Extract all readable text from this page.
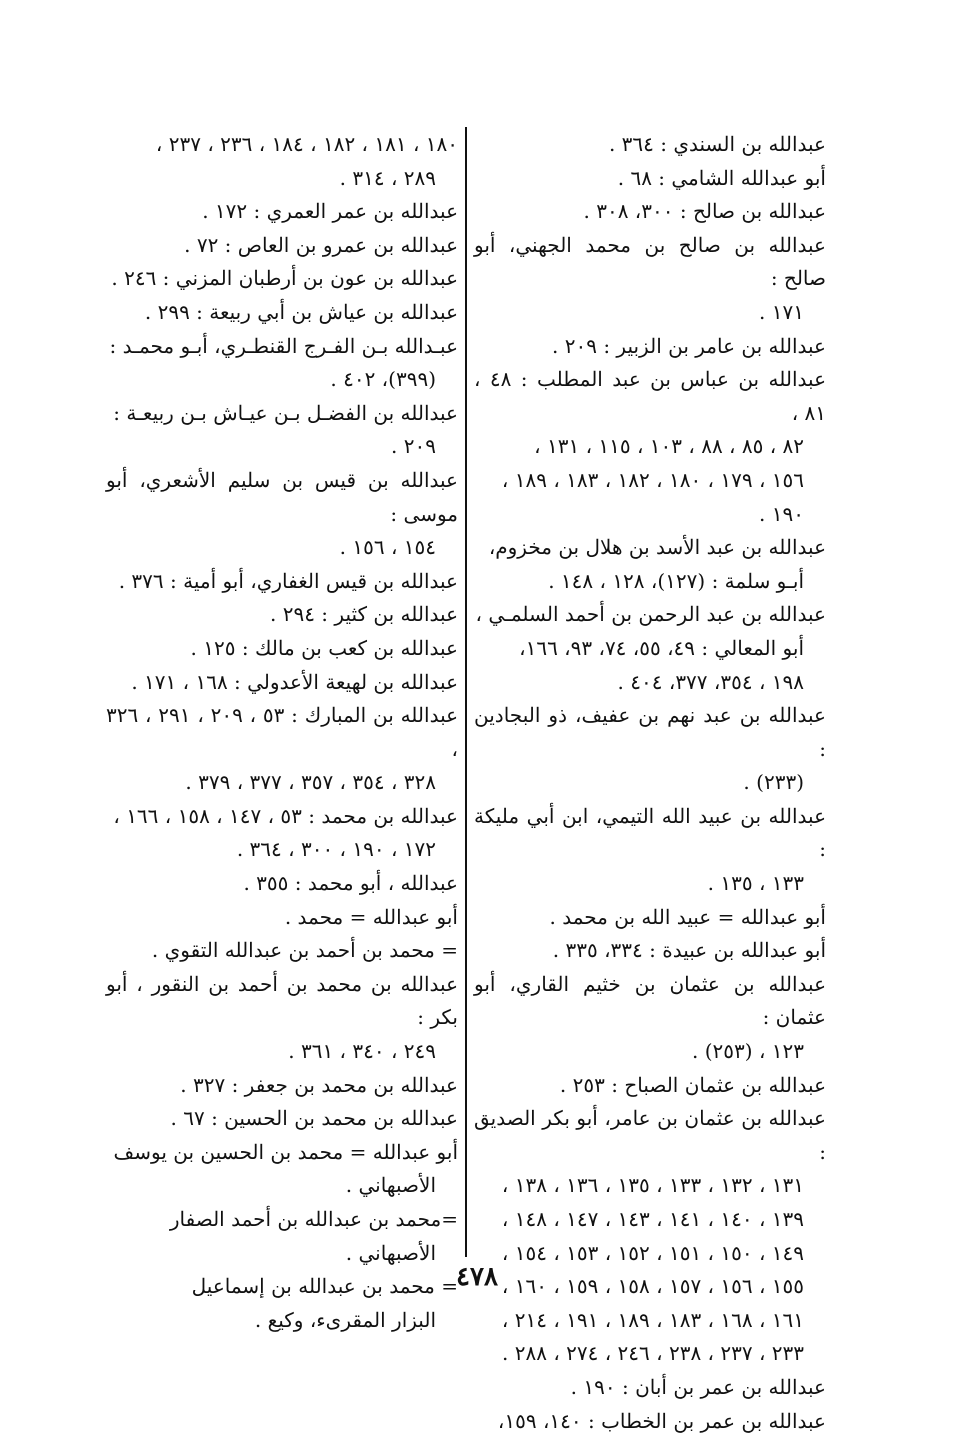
عبدالله بن السندي : ٣٦٤ .
أبو عبدالله الشامي : ٦٨ .
عبدالله بن صالح : ٣٠٠، ٣٠٨ .
عبدالله بن صالح بن محمد الجهني، أبو صالح :
١٧١ .
عبدالله بن عامر بن الزبير : ٢٠٩ .
عبدالله بن عباس بن عبد المطلب : ٤٨ ، ٨١ ،
٨٢ ، ٨٥ ، ٨٨ ، ١٠٣ ، ١١٥ ، ١٣١ ،
١٥٦ ، ١٧٩ ، ١٨٠ ، ١٨٢ ، ١٨٣ ، ١٨٩ ،
١٩٠ .
عبدالله بن عبد الأسد بن هلال بن مخزوم،
أبـو سلمة : (١٢٧)، ١٢٨ ، ١٤٨ .
عبدالله بن عبد الرحمن بن أحمد السلمـي ،
أبو المعالي : ٤٩، ٥٥، ٧٤، ٩٣، ١٦٦،
١٩٨ ، ٣٥٤، ٣٧٧، ٤٠٤ .
عبدالله بن عبد نهم بن عفيف، ذو البجادين :
(٢٣٣) .
عبدالله بن عبيد الله التيمي، ابن أبي مليكة :
١٣٣ ، ١٣٥ .
أبو عبدالله = عبيد الله بن محمد .
أبو عبدالله بن عبيدة : ٣٣٤، ٣٣٥ .
عبدالله بن عثمان بن خثيم القاري، أبو عثمان :
١٢٣ ، (٢٥٣) .
عبدالله بن عثمان الصباح : ٢٥٣ .
عبدالله بن عثمان بن عامر، أبو بكر الصديق :
١٣١ ، ١٣٢ ، ١٣٣ ، ١٣٥ ، ١٣٦ ، ١٣٨ ،
١٣٩ ، ١٤٠ ، ١٤١ ، ١٤٣ ، ١٤٧ ، ١٤٨ ،
١٤٩ ، ١٥٠ ، ١٥١ ، ١٥٢ ، ١٥٣ ، ١٥٤ ،
١٥٥ ، ١٥٦ ، ١٥٧ ، ١٥٨ ، ١٥٩ ، ١٦٠ ،
١٦١ ، ١٦٨ ، ١٨٣ ، ١٨٩ ، ١٩١ ، ٢١٤ ،
٢٣٣ ، ٢٣٧ ، ٢٣٨ ، ٢٤٦ ، ٢٧٤ ، ٢٨٨ .
عبدالله بن عمر بن أبان : ١٩٠ .
عبدالله بن عمر بن الخطاب : ١٤٠، ١٥٩،
١٨٠ ، ١٨١ ، ١٨٢ ، ١٨٤ ، ٢٣٦ ، ٢٣٧ ،
٢٨٩ ، ٣١٤ .
عبدالله بن عمر العمري : ١٧٢ .
عبدالله بن عمرو بن العاص : ٧٢ .
عبدالله بن عون بن أرطبان المزني : ٢٤٦ .
عبدالله بن عياش بن أبي ربيعة : ٢٩٩ .
عبـدالله بـن الفـرج القنطـري، أبـو محمـد :
(٣٩٩)، ٤٠٢ .
عبدالله بن الفضـل بـن عيـاش بـن ربيعـة :
٢٠٩ .
عبدالله بن قيس بن سليم الأشعري، أبو موسى :
١٥٤ ، ١٥٦ .
عبدالله بن قيس الغفاري، أبو أمية : ٣٧٦ .
عبدالله بن كثير : ٢٩٤ .
عبدالله بن كعب بن مالك : ١٢٥ .
عبدالله بن لهيعة الأعدولي : ١٦٨ ، ١٧١ .
عبدالله بن المبارك : ٥٣ ، ٢٠٩ ، ٢٩١ ، ٣٢٦ ،
٣٢٨ ، ٣٥٤ ، ٣٥٧ ، ٣٧٧ ، ٣٧٩ .
عبدالله بن محمد : ٥٣ ، ١٤٧ ، ١٥٨ ، ١٦٦ ،
١٧٢ ، ١٩٠ ، ٣٠٠ ، ٣٦٤ .
عبدالله ، أبو محمد : ٣٥٥ .
أبو عبدالله = محمد .
= محمد بن أحمد بن عبدالله التقوي .
عبدالله بن محمد بن أحمد بن النقور ، أبو بكر :
٢٤٩ ، ٣٤٠ ، ٣٦١ .
عبدالله بن محمد بن جعفر : ٣٢٧ .
عبدالله بن محمد بن الحسين : ٦٧ .
أبو عبدالله = محمد بن الحسين بن يوسف
الأصبهاني .
=محمد بن عبدالله بن أحمد الصفار
الأصبهاني .
= محمد بن عبدالله بن إسماعيل
البزار المقرىء، وكيع .
٤٧٨
